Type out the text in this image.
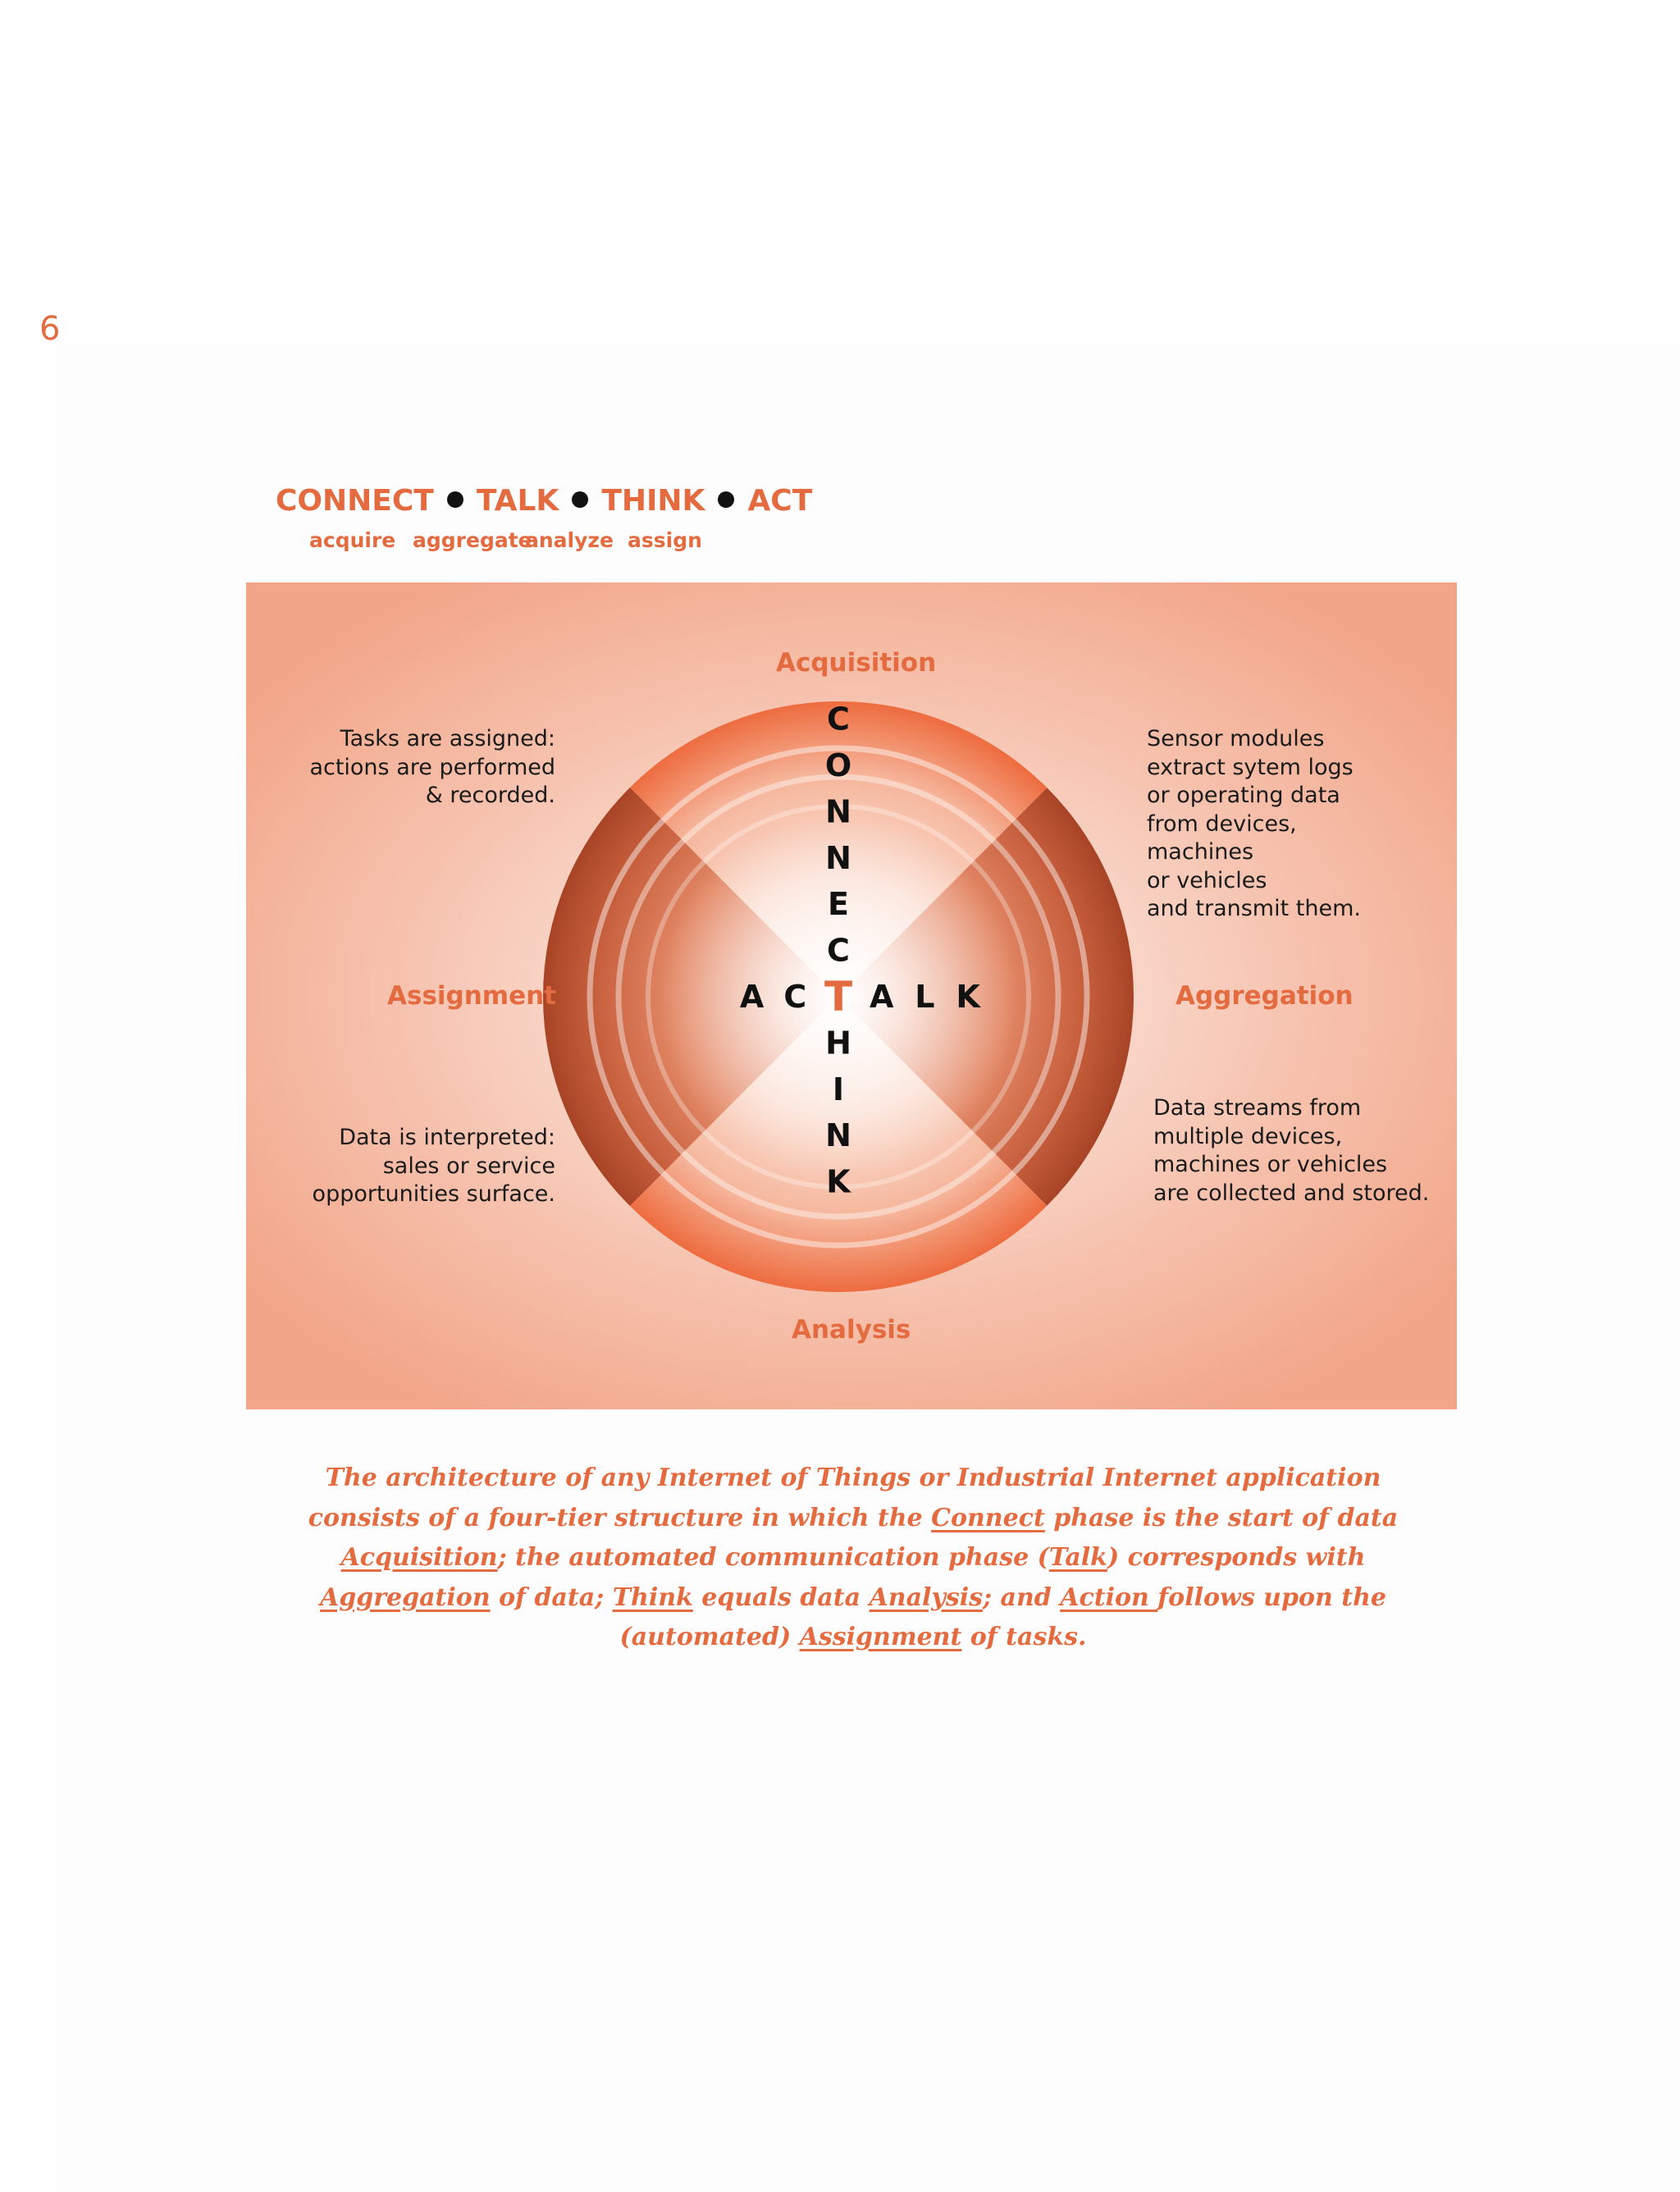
6
CONNECT TALK THINK ACT
acquire aggregate
analyze assign
Acquisition
Aggregation
Analysis
Assignment
Tasks are assigned:
actions are performed
& recorded.
Sensor modules
extract sytem logs
or operating data
from devices,
machines
or vehicles
and transmit them.
Data is interpreted:
sales or service
opportunities surface.
Data streams from
multiple devices,
machines or vehicles
are collected and stored.
C
O
N
N
E
C
T
H
I
N
K
A C A L K
The architecture of any Internet of Things or Industrial Internet application consists of a four-tier structure in which the Connect phase is the start of data Acquisition; the automated communication phase (Talk) corresponds with Aggregation of data; Think equals data Analysis; and Action follows upon the (automated) Assignment of tasks.
